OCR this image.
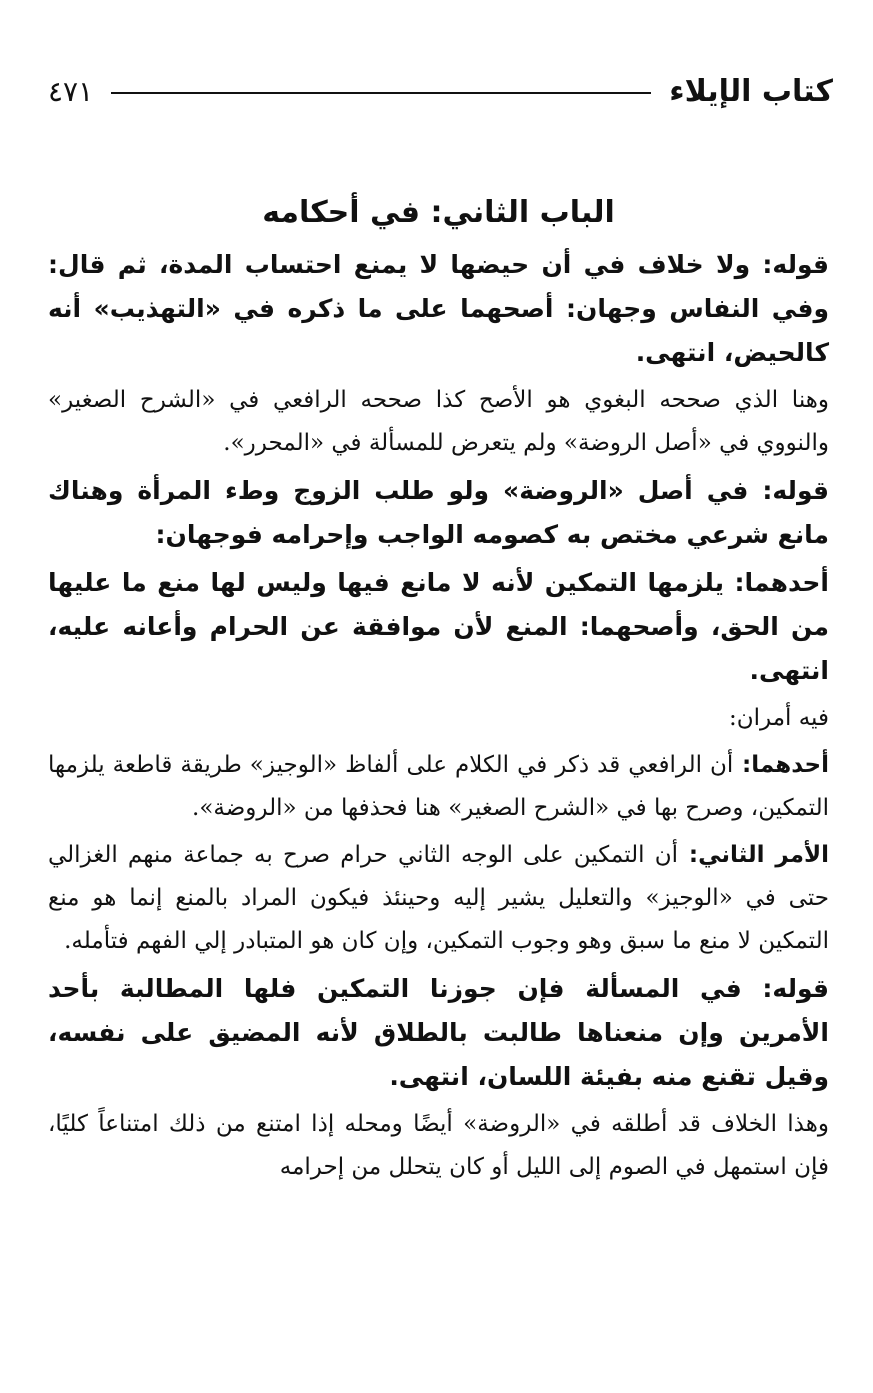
كتاب الإيلاء
٤٧١
الباب الثاني: في أحكامه

قوله: ولا خلاف في أن حيضها لا يمنع احتساب المدة، ثم قال: وفي النفاس وجهان: أصحهما على ما ذكره في «التهذيب» أنه كالحيض، انتهى.

وهنا الذي صححه البغوي هو الأصح كذا صححه الرافعي في «الشرح الصغير» والنووي في «أصل الروضة» ولم يتعرض للمسألة في «المحرر».

قوله: في أصل «الروضة» ولو طلب الزوج وطء المرأة وهناك مانع شرعي مختص به كصومه الواجب وإحرامه فوجهان:

أحدهما: يلزمها التمكين لأنه لا مانع فيها وليس لها منع ما عليها من الحق، وأصحهما: المنع لأن موافقة عن الحرام وأعانه عليه، انتهى.

فيه أمران:

أحدهما: أن الرافعي قد ذكر في الكلام على ألفاظ «الوجيز» طريقة قاطعة يلزمها التمكين، وصرح بها في «الشرح الصغير» هنا فحذفها من «الروضة».

الأمر الثاني: أن التمكين على الوجه الثاني حرام صرح به جماعة منهم الغزالي حتى في «الوجيز» والتعليل يشير إليه وحينئذ فيكون المراد بالمنع إنما هو منع التمكين لا منع ما سبق وهو وجوب التمكين، وإن كان هو المتبادر إلي الفهم فتأمله.

قوله: في المسألة فإن جوزنا التمكين فلها المطالبة بأحد الأمرين وإن منعناها طالبت بالطلاق لأنه المضيق على نفسه، وقيل تقنع منه بفيئة اللسان، انتهى.

وهذا الخلاف قد أطلقه في «الروضة» أيضًا ومحله إذا امتنع من ذلك امتناعاً كليًا، فإن استمهل في الصوم إلى الليل أو كان يتحلل من إحرامه
